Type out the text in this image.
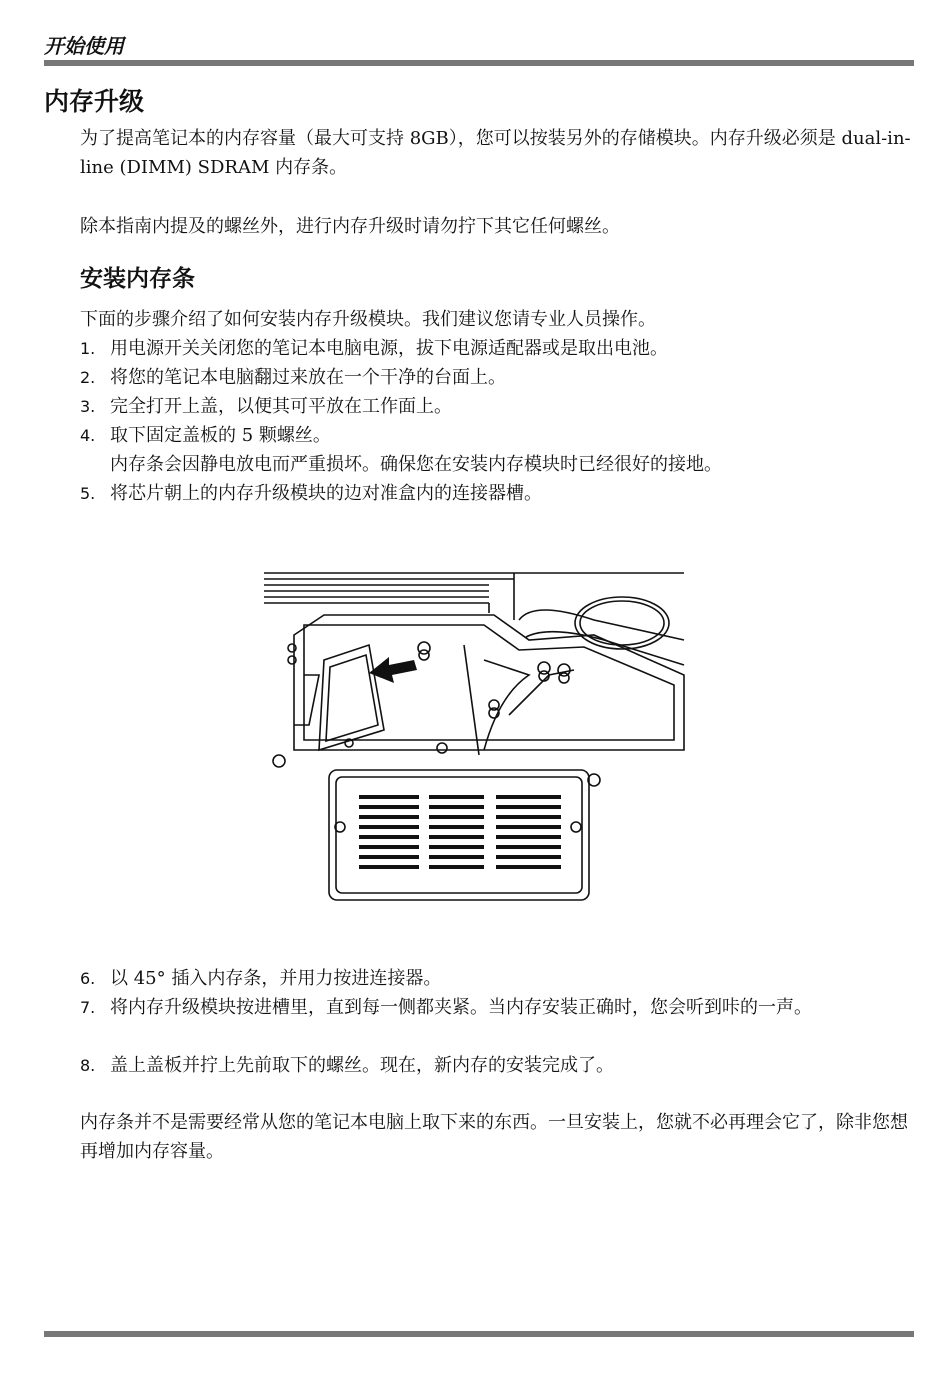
开始使用
内存升级

为了提高笔记本的内存容量（最大可支持 8GB），您可以按装另外的存储模块。内存升级必须是 dual-in-line (DIMM) SDRAM 内存条。

除本指南内提及的螺丝外，进行内存升级时请勿拧下其它任何螺丝。

安装内存条
下面的步骤介绍了如何安装内存升级模块。我们建议您请专业人员操作。
1. 用电源开关关闭您的笔记本电脑电源，拔下电源适配器或是取出电池。
2. 将您的笔记本电脑翻过来放在一个干净的台面上。
3. 完全打开上盖，以便其可平放在工作面上。
4. 取下固定盖板的 5 颗螺丝。
内存条会因静电放电而严重损坏。确保您在安装内存模块时已经很好的接地。
5. 将芯片朝上的内存升级模块的边对准盒内的连接器槽。
6. 以 45° 插入内存条，并用力按进连接器。
7. 将内存升级模块按进槽里，直到每一侧都夹紧。当内存安装正确时，您会听到咔的一声。
8. 盖上盖板并拧上先前取下的螺丝。现在，新内存的安装完成了。

内存条并不是需要经常从您的笔记本电脑上取下来的东西。一旦安装上，您就不必再理会它了，除非您想再增加内存容量。
